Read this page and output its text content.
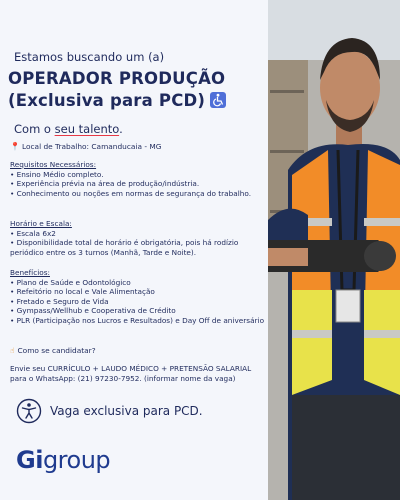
Estamos buscando um (a)
OPERADOR PRODUÇÃO
(Exclusiva para PCD)
Com o seu talento.
📍 Local de Trabalho: Camanducaia - MG
Requisitos Necessários:
• Ensino Médio completo.
• Experiência prévia na área de produção/indústria.
• Conhecimento ou noções em normas de segurança do trabalho.
Horário e Escala:
• Escala 6x2
• Disponibilidade total de horário é obrigatória, pois há rodízio periódico entre os 3 turnos (Manhã, Tarde e Noite).
Benefícios:
• Plano de Saúde e Odontológico
• Refeitório no local e Vale Alimentação
• Fretado e Seguro de Vida
• Gympass/Wellhub e Cooperativa de Crédito
• PLR (Participação nos Lucros e Resultados) e Day Off de aniversário
☝ Como se candidatar?
Envie seu CURRÍCULO + LAUDO MÉDICO + PRETENSÃO SALARIAL para o WhatsApp: (21) 97230-7952. (informar nome da vaga)
Vaga exclusiva para PCD.
Gigroup
